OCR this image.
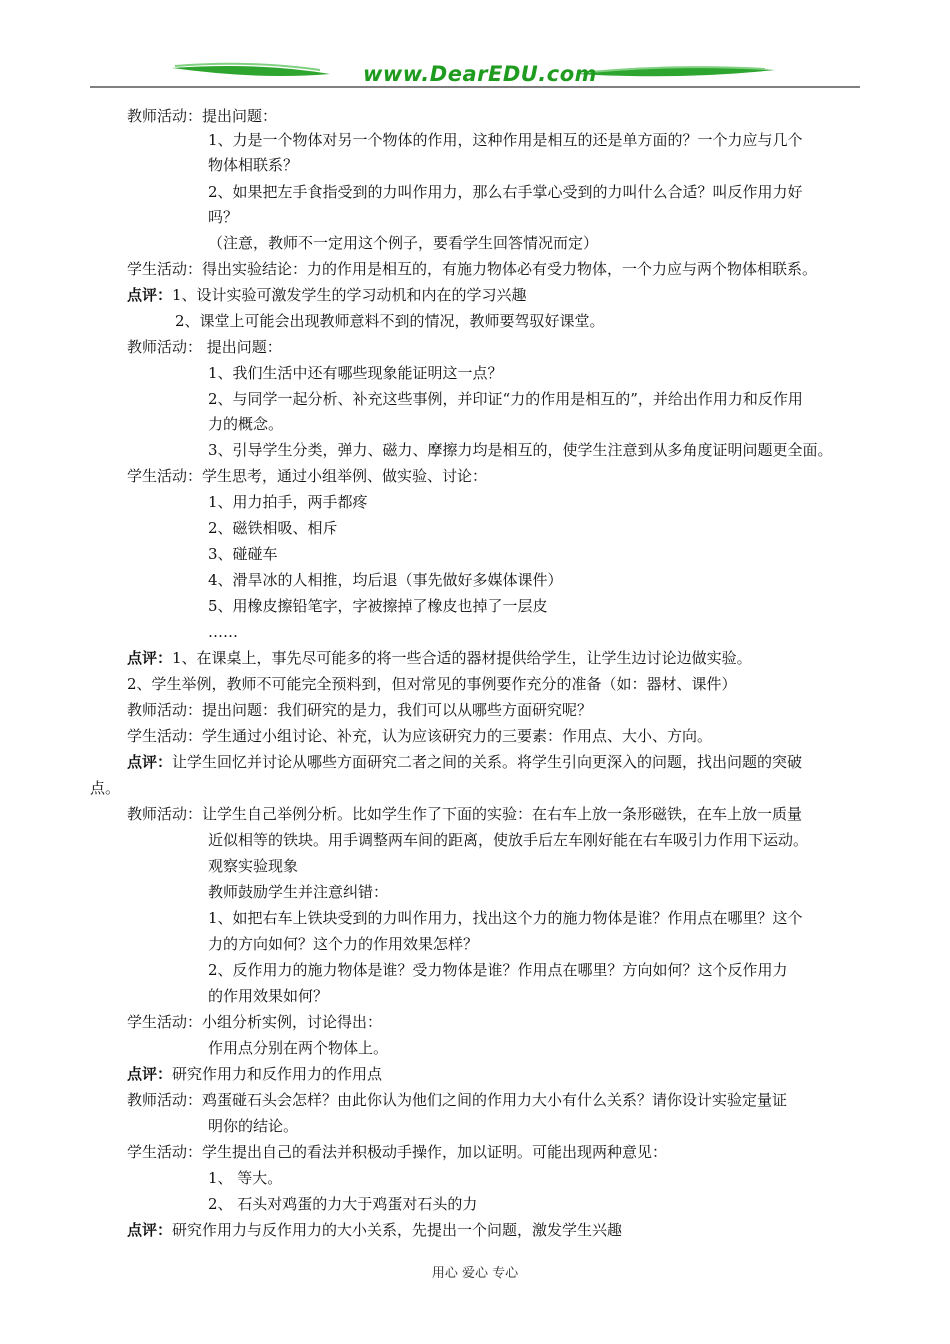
www.DearEDU.com
教师活动：提出问题：
1、力是一个物体对另一个物体的作用，这种作用是相互的还是单方面的？一个力应与几个
物体相联系？
2、如果把左手食指受到的力叫作用力，那么右手掌心受到的力叫什么合适？叫反作用力好
吗？
（注意，教师不一定用这个例子，要看学生回答情况而定）
学生活动：得出实验结论：力的作用是相互的，有施力物体必有受力物体，一个力应与两个物体相联系。
点评：1、设计实验可激发学生的学习动机和内在的学习兴趣
2、课堂上可能会出现教师意料不到的情况，教师要驾驭好课堂。
教师活动： 提出问题：
1、我们生活中还有哪些现象能证明这一点？
2、与同学一起分析、补充这些事例，并印证“力的作用是相互的”，并给出作用力和反作用
力的概念。
3、引导学生分类，弹力、磁力、摩擦力均是相互的，使学生注意到从多角度证明问题更全面。
学生活动：学生思考，通过小组举例、做实验、讨论：
1、用力拍手，两手都疼
2、磁铁相吸、相斥
3、碰碰车
4、滑旱冰的人相推，均后退（事先做好多媒体课件）
5、用橡皮擦铅笔字，字被擦掉了橡皮也掉了一层皮
……
点评：1、在课桌上，事先尽可能多的将一些合适的器材提供给学生，让学生边讨论边做实验。
2、学生举例，教师不可能完全预料到，但对常见的事例要作充分的准备（如：器材、课件）
教师活动：提出问题：我们研究的是力，我们可以从哪些方面研究呢？
学生活动：学生通过小组讨论、补充，认为应该研究力的三要素：作用点、大小、方向。
点评：让学生回忆并讨论从哪些方面研究二者之间的关系。将学生引向更深入的问题，找出问题的突破
点。
教师活动：让学生自己举例分析。比如学生作了下面的实验：在右车上放一条形磁铁，在车上放一质量
近似相等的铁块。用手调整两车间的距离，使放手后左车刚好能在右车吸引力作用下运动。
观察实验现象
教师鼓励学生并注意纠错：
1、如把右车上铁块受到的力叫作用力，找出这个力的施力物体是谁？作用点在哪里？这个
力的方向如何？这个力的作用效果怎样？
2、反作用力的施力物体是谁？受力物体是谁？作用点在哪里？方向如何？这个反作用力
的作用效果如何？
学生活动：小组分析实例，讨论得出：
作用点分别在两个物体上。
点评：研究作用力和反作用力的作用点
教师活动：鸡蛋碰石头会怎样？由此你认为他们之间的作用力大小有什么关系？请你设计实验定量证
明你的结论。
学生活动：学生提出自己的看法并积极动手操作，加以证明。可能出现两种意见：
1、 等大。
2、 石头对鸡蛋的力大于鸡蛋对石头的力
点评：研究作用力与反作用力的大小关系，先提出一个问题，激发学生兴趣
用心 爱心 专心
